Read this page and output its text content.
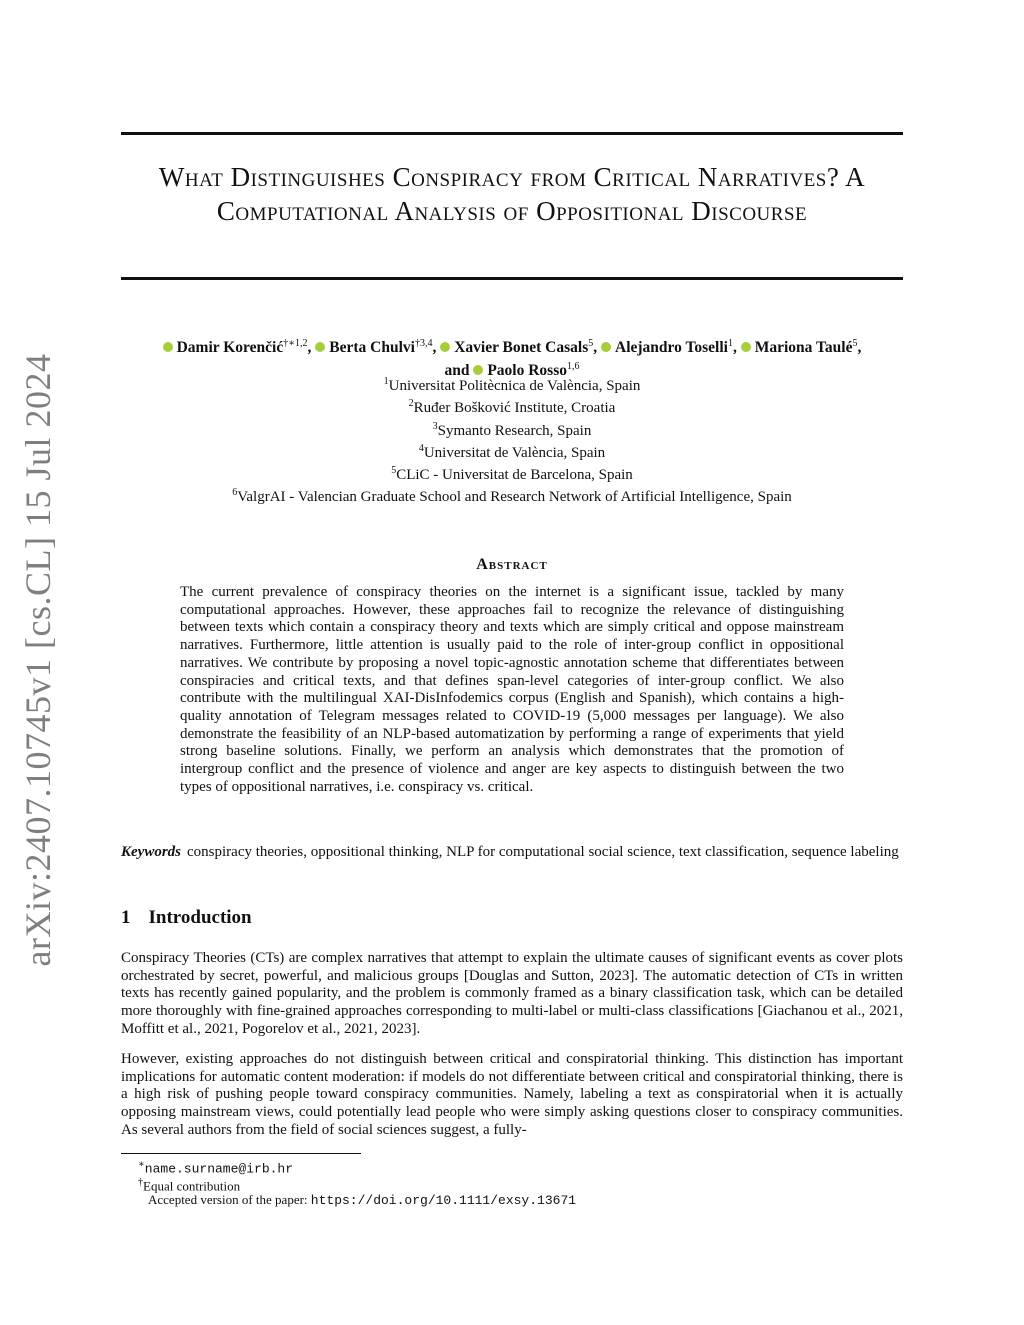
arXiv:2407.10745v1 [cs.CL] 15 Jul 2024
What Distinguishes Conspiracy from Critical Narratives? A Computational Analysis of Oppositional Discourse
Damir Korenčić$^{\dagger∗1,2}$, Berta Chulvi$^{\dagger 3,4}$, Xavier Bonet Casals$^5$, Alejandro Toselli$^1$, Mariona Taulé$^5$,
and Paolo Rosso$^{1,6}$
$^1$Universitat Politècnica de València, Spain
$^2$Ruđer Bošković Institute, Croatia
$^3$Symanto Research, Spain
$^4$Universitat de València, Spain
$^5$CLiC - Universitat de Barcelona, Spain
$^6$ValgrAI - Valencian Graduate School and Research Network of Artificial Intelligence, Spain
Abstract
The current prevalence of conspiracy theories on the internet is a significant issue, tackled by many computational approaches. However, these approaches fail to recognize the relevance of distinguishing between texts which contain a conspiracy theory and texts which are simply critical and oppose mainstream narratives. Furthermore, little attention is usually paid to the role of inter-group conflict in oppositional narratives. We contribute by proposing a novel topic-agnostic annotation scheme that differentiates between conspiracies and critical texts, and that defines span-level categories of inter-group conflict. We also contribute with the multilingual XAI-DisInfodemics corpus (English and Spanish), which contains a high-quality annotation of Telegram messages related to COVID-19 (5,000 messages per language). We also demonstrate the feasibility of an NLP-based automatization by performing a range of experiments that yield strong baseline solutions. Finally, we perform an analysis which demonstrates that the promotion of intergroup conflict and the presence of violence and anger are key aspects to distinguish between the two types of oppositional narratives, i.e. conspiracy vs. critical.
Keywords conspiracy theories, oppositional thinking, NLP for computational social science, text classification, sequence labeling
1 Introduction
Conspiracy Theories (CTs) are complex narratives that attempt to explain the ultimate causes of significant events as cover plots orchestrated by secret, powerful, and malicious groups [Douglas and Sutton, 2023]. The automatic detection of CTs in written texts has recently gained popularity, and the problem is commonly framed as a binary classification task, which can be detailed more thoroughly with fine-grained approaches corresponding to multi-label or multi-class classifications [Giachanou et al., 2021, Moffitt et al., 2021, Pogorelov et al., 2021, 2023].
However, existing approaches do not distinguish between critical and conspiratorial thinking. This distinction has important implications for automatic content moderation: if models do not differentiate between critical and conspiratorial thinking, there is a high risk of pushing people toward conspiracy communities. Namely, labeling a text as conspiratorial when it is actually opposing mainstream views, could potentially lead people who were simply asking questions closer to conspiracy communities. As several authors from the field of social sciences suggest, a fully-
∗name.surname@irb.hr
†Equal contribution
Accepted version of the paper: https://doi.org/10.1111/exsy.13671
